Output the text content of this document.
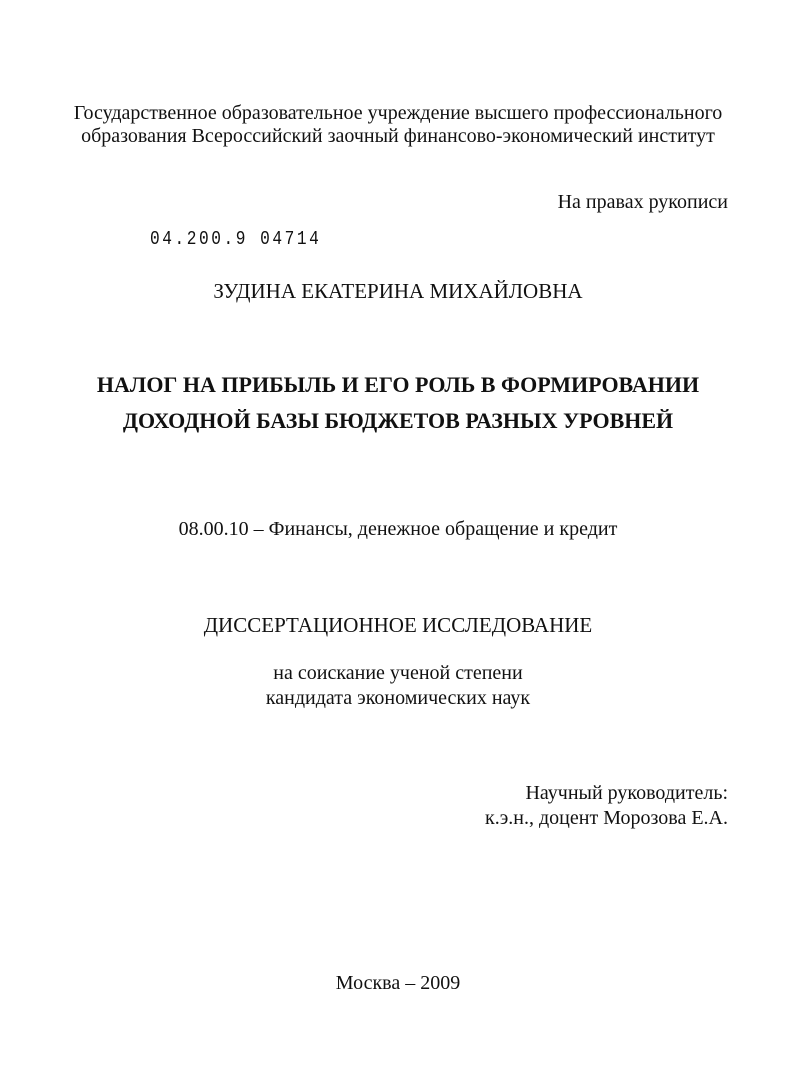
Государственное образовательное учреждение высшего профессионального
образования Всероссийский заочный финансово-экономический институт
На правах рукописи
04.200.9 04714
ЗУДИНА ЕКАТЕРИНА МИХАЙЛОВНА
НАЛОГ НА ПРИБЫЛЬ И ЕГО РОЛЬ В ФОРМИРОВАНИИ
ДОХОДНОЙ БАЗЫ БЮДЖЕТОВ РАЗНЫХ УРОВНЕЙ
08.00.10 – Финансы, денежное обращение и кредит
ДИССЕРТАЦИОННОЕ ИССЛЕДОВАНИЕ
на соискание ученой степени
кандидата экономических наук
Научный руководитель:
к.э.н., доцент Морозова Е.А.
Москва – 2009
